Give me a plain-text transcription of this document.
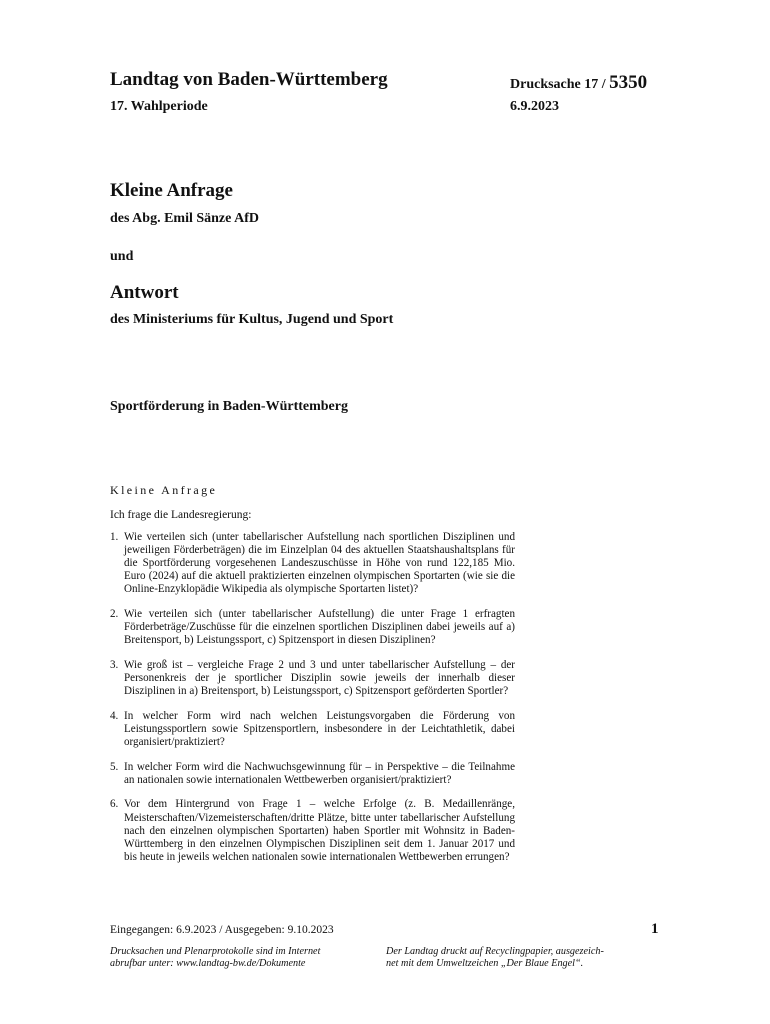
Landtag von Baden-Württemberg
17. Wahlperiode
Drucksache 17 / 5350
6.9.2023
Kleine Anfrage
des Abg. Emil Sänze AfD
und
Antwort
des Ministeriums für Kultus, Jugend und Sport
Sportförderung in Baden-Württemberg
Kleine Anfrage
Ich frage die Landesregierung:
1. Wie verteilen sich (unter tabellarischer Aufstellung nach sportlichen Disziplinen und jeweiligen Förderbeträgen) die im Einzelplan 04 des aktuellen Staatshaushaltsplans für die Sportförderung vorgesehenen Landeszuschüsse in Höhe von rund 122,185 Mio. Euro (2024) auf die aktuell praktizierten einzelnen olympischen Sportarten (wie sie die Online-Enzyklopädie Wikipedia als olympische Sportarten listet)?
2. Wie verteilen sich (unter tabellarischer Aufstellung) die unter Frage 1 erfragten Förderbeträge/Zuschüsse für die einzelnen sportlichen Disziplinen dabei jeweils auf a) Breitensport, b) Leistungssport, c) Spitzensport in diesen Disziplinen?
3. Wie groß ist – vergleiche Frage 2 und 3 und unter tabellarischer Aufstellung – der Personenkreis der je sportlicher Disziplin sowie jeweils der innerhalb dieser Disziplinen in a) Breitensport, b) Leistungssport, c) Spitzensport geförderten Sportler?
4. In welcher Form wird nach welchen Leistungsvorgaben die Förderung von Leistungssportlern sowie Spitzensportlern, insbesondere in der Leichtathletik, dabei organisiert/praktiziert?
5. In welcher Form wird die Nachwuchsgewinnung für – in Perspektive – die Teilnahme an nationalen sowie internationalen Wettbewerben organisiert/praktiziert?
6. Vor dem Hintergrund von Frage 1 – welche Erfolge (z. B. Medaillenränge, Meisterschaften/Vizemeisterschaften/dritte Plätze, bitte unter tabellarischer Aufstellung nach den einzelnen olympischen Sportarten) haben Sportler mit Wohnsitz in Baden-Württemberg in den einzelnen Olympischen Disziplinen seit dem 1. Januar 2017 und bis heute in jeweils welchen nationalen sowie internationalen Wettbewerben errungen?
Eingegangen: 6.9.2023 / Ausgegeben: 9.10.2023	1
Drucksachen und Plenarprotokolle sind im Internet
abrufbar unter: www.landtag-bw.de/Dokumente
Der Landtag druckt auf Recyclingpapier, ausgezeich-
net mit dem Umweltzeichen „Der Blaue Engel“.
